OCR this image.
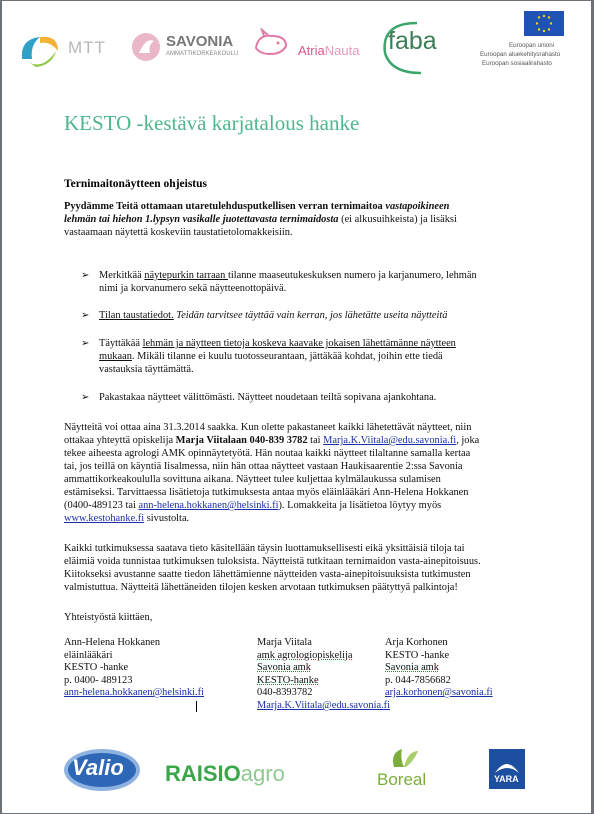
MTT	SAVONIA
AMMATTIKORKEAKOULU	AtriaNauta faba	Euroopan unioni
Euroopan aluekehitysrahasto
Euroopan sosiaalirahasto
KESTO -kestävä karjatalous hanke
Ternimaitonäytteen ohjeistus
Pyydämme Teitä ottamaan utaretulehdusputkellisen verran ternimaitoa vastapoikineen
lehmän tai hiehon 1.lypsyn vasikalle juotettavasta ternimaidosta (ei alkusuihkeista) ja lisäksi
vastaamaan näytettä koskeviin taustatietolomakkeisiin.
➢ Merkitkää näytepurkin tarraan tilanne maaseutukeskuksen numero ja karjanumero, lehmän
nimi ja korvanumero sekä näytteenottopäivä.
➢ Tilan taustatiedot. Teidän tarvitsee täyttää vain kerran, jos lähetätte useita näytteitä
➢ Täyttäkää lehmän ja näytteen tietoja koskeva kaavake jokaisen lähettämänne näytteen
mukaan. Mikäli tilanne ei kuulu tuotosseurantaan, jättäkää kohdat, joihin ette tiedä
vastauksia täyttämättä.
➢ Pakastakaa näytteet välittömästi. Näytteet noudetaan teiltä sopivana ajankohtana.
Näytteitä voi ottaa aina 31.3.2014 saakka. Kun olette pakastaneet kaikki lähetettävät näytteet, niin
ottakaa yhteyttä opiskelija Marja Viitalaan 040-839 3782 tai Marja.K.Viitala@edu.savonia.fi, joka
tekee aiheesta agrologi AMK opinnäytetyötä. Hän noutaa kaikki näytteet tilaltanne samalla kertaa
tai, jos teillä on käyntiä Iisalmessa, niin hän ottaa näytteet vastaan Haukisaarentie 2:ssa Savonia
ammattikorkeakoululla sovittuna aikana. Näytteet tulee kuljettaa kylmälaukussa sulamisen
estämiseksi. Tarvittaessa lisätietoja tutkimuksesta antaa myös eläinlääkäri Ann-Helena Hokkanen
(0400-489123 tai ann-helena.hokkanen@helsinki.fi). Lomakkeita ja lisätietoa löytyy myös
www.kestohanke.fi sivustolta.
Kaikki tutkimuksessa saatava tieto käsitellään täysin luottamuksellisesti eikä yksittäisiä tiloja tai
eläimiä voida tunnistaa tutkimuksen tuloksista. Näytteistä tutkitaan ternimaidon vasta-ainepitoisuus.
Kiitokseksi avustanne saatte tiedon lähettämienne näytteiden vasta-ainepitoisuuksista tutkimusten
valmistuttua. Näytteitä lähettäneiden tilojen kesken arvotaan tutkimuksen päätyttyä palkintoja!
Yhteistyöstä kiittäen,
Ann-Helena Hokkanen
eläinlääkäri
KESTO -hanke
p. 0400- 489123
ann-helena.hokkanen@helsinki.fi
Marja Viitala
amk agrologiopiskelija
Savonia amk
KESTO-hanke
040-8393782
Marja.K.Viitala@edu.savonia.fi
Arja Korhonen
KESTO -hanke
Savonia amk
p. 044-7856682
arja.korhonen@savonia.fi
Valio RAISIOagro	Boreal	YARA
